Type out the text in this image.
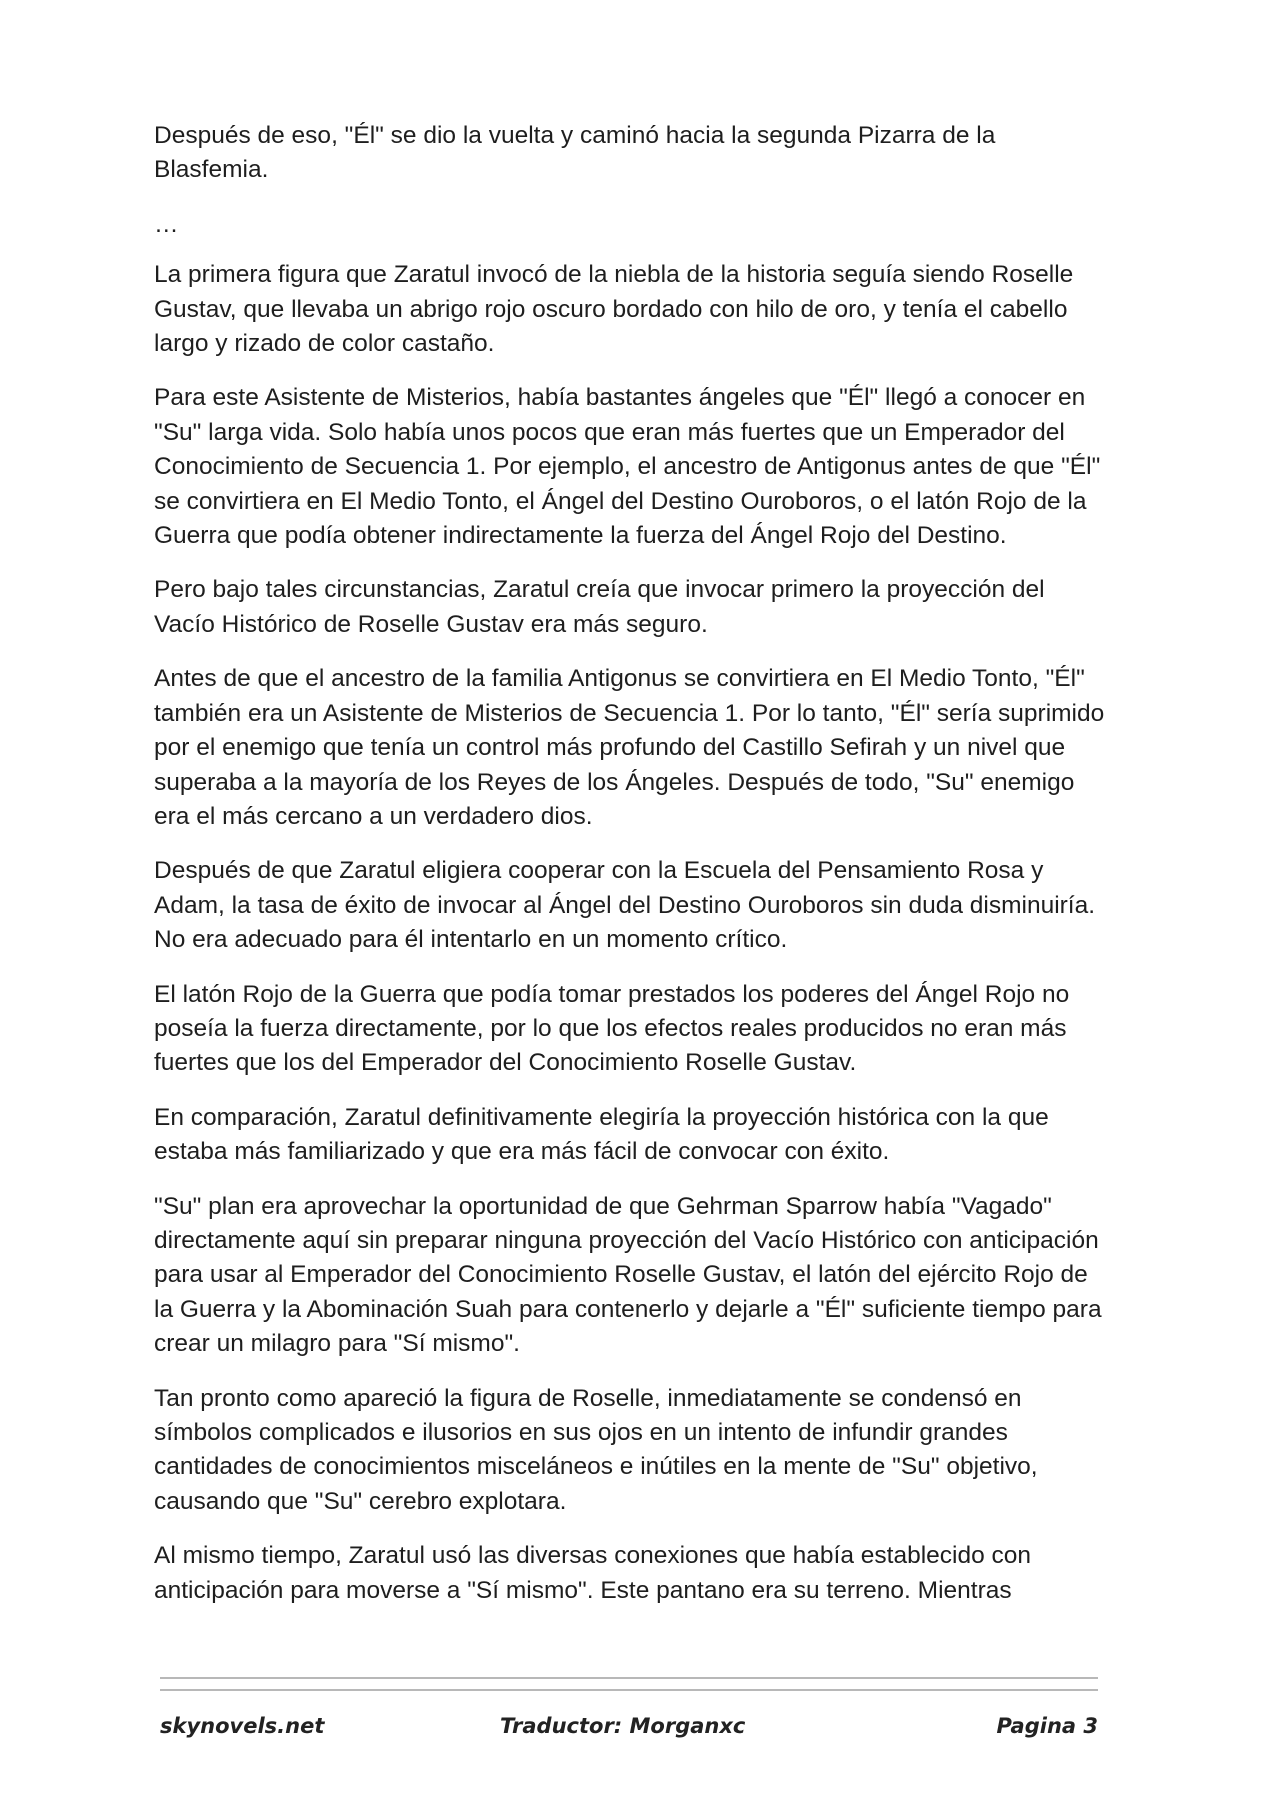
Después de eso, "Él" se dio la vuelta y caminó hacia la segunda Pizarra de la Blasfemia.

…

La primera figura que Zaratul invocó de la niebla de la historia seguía siendo Roselle Gustav, que llevaba un abrigo rojo oscuro bordado con hilo de oro, y tenía el cabello largo y rizado de color castaño.

Para este Asistente de Misterios, había bastantes ángeles que "Él" llegó a conocer en "Su" larga vida. Solo había unos pocos que eran más fuertes que un Emperador del Conocimiento de Secuencia 1. Por ejemplo, el ancestro de Antigonus antes de que "Él" se convirtiera en El Medio Tonto, el Ángel del Destino Ouroboros, o el latón Rojo de la Guerra que podía obtener indirectamente la fuerza del Ángel Rojo del Destino.

Pero bajo tales circunstancias, Zaratul creía que invocar primero la proyección del Vacío Histórico de Roselle Gustav era más seguro.

Antes de que el ancestro de la familia Antigonus se convirtiera en El Medio Tonto, "Él" también era un Asistente de Misterios de Secuencia 1. Por lo tanto, "Él" sería suprimido por el enemigo que tenía un control más profundo del Castillo Sefirah y un nivel que superaba a la mayoría de los Reyes de los Ángeles. Después de todo, "Su" enemigo era el más cercano a un verdadero dios.

Después de que Zaratul eligiera cooperar con la Escuela del Pensamiento Rosa y Adam, la tasa de éxito de invocar al Ángel del Destino Ouroboros sin duda disminuiría. No era adecuado para él intentarlo en un momento crítico.

El latón Rojo de la Guerra que podía tomar prestados los poderes del Ángel Rojo no poseía la fuerza directamente, por lo que los efectos reales producidos no eran más fuertes que los del Emperador del Conocimiento Roselle Gustav.

En comparación, Zaratul definitivamente elegiría la proyección histórica con la que estaba más familiarizado y que era más fácil de convocar con éxito.

"Su" plan era aprovechar la oportunidad de que Gehrman Sparrow había "Vagado" directamente aquí sin preparar ninguna proyección del Vacío Histórico con anticipación para usar al Emperador del Conocimiento Roselle Gustav, el latón del ejército Rojo de la Guerra y la Abominación Suah para contenerlo y dejarle a "Él" suficiente tiempo para crear un milagro para "Sí mismo".

Tan pronto como apareció la figura de Roselle, inmediatamente se condensó en símbolos complicados e ilusorios en sus ojos en un intento de infundir grandes cantidades de conocimientos misceláneos e inútiles en la mente de "Su" objetivo, causando que "Su" cerebro explotara.

Al mismo tiempo, Zaratul usó las diversas conexiones que había establecido con anticipación para moverse a "Sí mismo". Este pantano era su terreno. Mientras

skynovels.net	Traductor: Morganxc	Pagina 3
